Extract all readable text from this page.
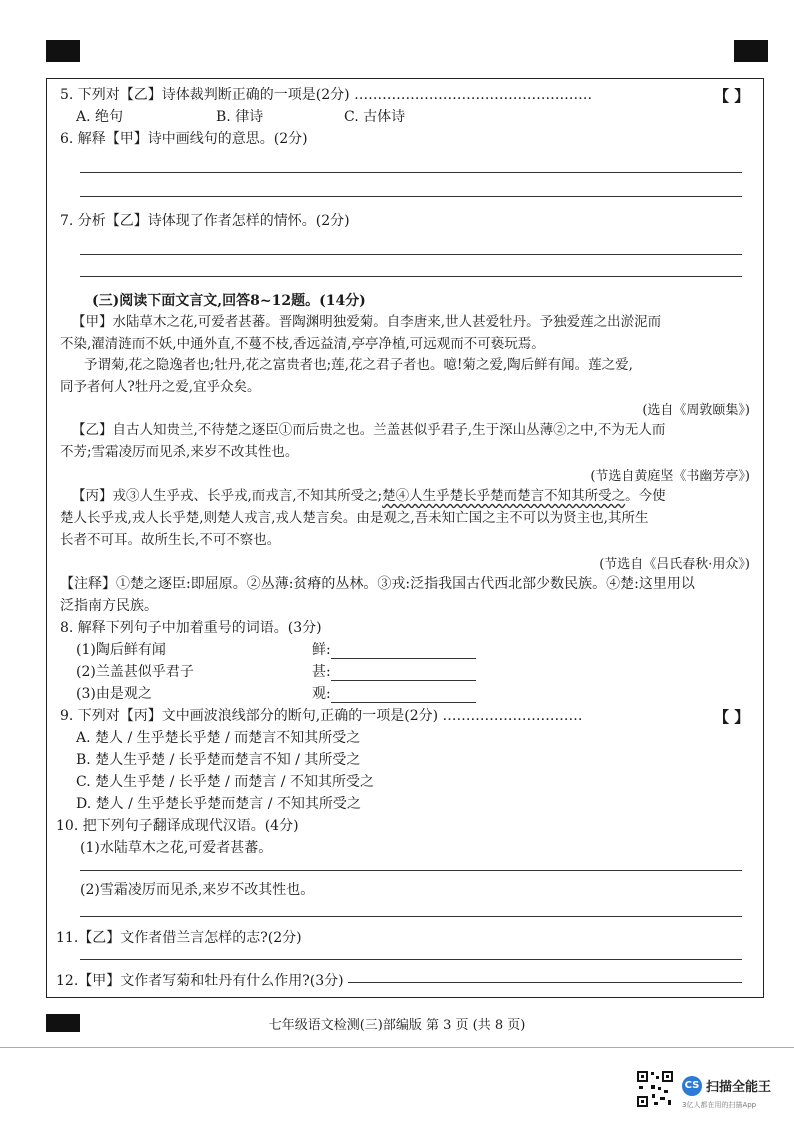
5. 下列对【乙】诗体裁判断正确的一项是(2分) ……………………………………………	【 】
A. 绝句	B. 律诗	C. 古体诗
6. 解释【甲】诗中画线句的意思。(2分)
7. 分析【乙】诗体现了作者怎样的情怀。(2分)
(三)阅读下面文言文,回答8~12题。(14分)
【甲】水陆草木之花,可爱者甚蕃。晋陶渊明独爱菊。自李唐来,世人甚爱牡丹。予独爱莲之出淤泥而
不染,濯清涟而不妖,中通外直,不蔓不枝,香远益清,亭亭净植,可远观而不可亵玩焉。
予谓菊,花之隐逸者也;牡丹,花之富贵者也;莲,花之君子者也。噫!菊之爱,陶后鲜有闻。莲之爱,
同予者何人?牡丹之爱,宜乎众矣。
(选自《周敦颐集》)
【乙】自古人知贵兰,不待楚之逐臣①而后贵之也。兰盖甚似乎君子,生于深山丛薄②之中,不为无人而
不芳;雪霜凌厉而见杀,来岁不改其性也。
(节选自黄庭坚《书幽芳亭》)
【丙】戎③人生乎戎、长乎戎,而戎言,不知其所受之;楚④人生乎楚长乎楚而楚言不知其所受之。今使
楚人长乎戎,戎人长乎楚,则楚人戎言,戎人楚言矣。由是观之,吾未知亡国之主不可以为贤主也,其所生
长者不可耳。故所生长,不可不察也。
(节选自《吕氏春秋·用众》)
【注释】①楚之逐臣:即屈原。②丛薄:贫瘠的丛林。③戎:泛指我国古代西北部少数民族。④楚:这里用以
泛指南方民族。
8. 解释下列句子中加着重号的词语。(3分)
(1)陶后鲜有闻	鲜:
(2)兰盖甚似乎君子	甚:
(3)由是观之	观:
9. 下列对【丙】文中画波浪线部分的断句,正确的一项是(2分) …………………………	【 】
A. 楚人 / 生乎楚长乎楚 / 而楚言不知其所受之
B. 楚人生乎楚 / 长乎楚而楚言不知 / 其所受之
C. 楚人生乎楚 / 长乎楚 / 而楚言 / 不知其所受之
D. 楚人 / 生乎楚长乎楚而楚言 / 不知其所受之
10. 把下列句子翻译成现代汉语。(4分)
(1)水陆草木之花,可爱者甚蕃。
(2)雪霜凌厉而见杀,来岁不改其性也。
11.【乙】文作者借兰言怎样的志?(2分)
12.【甲】文作者写菊和牡丹有什么作用?(3分)
七年级语文检测(三)部编版 第 3 页 (共 8 页)
CS 扫描全能王
3亿人都在用的扫描App
